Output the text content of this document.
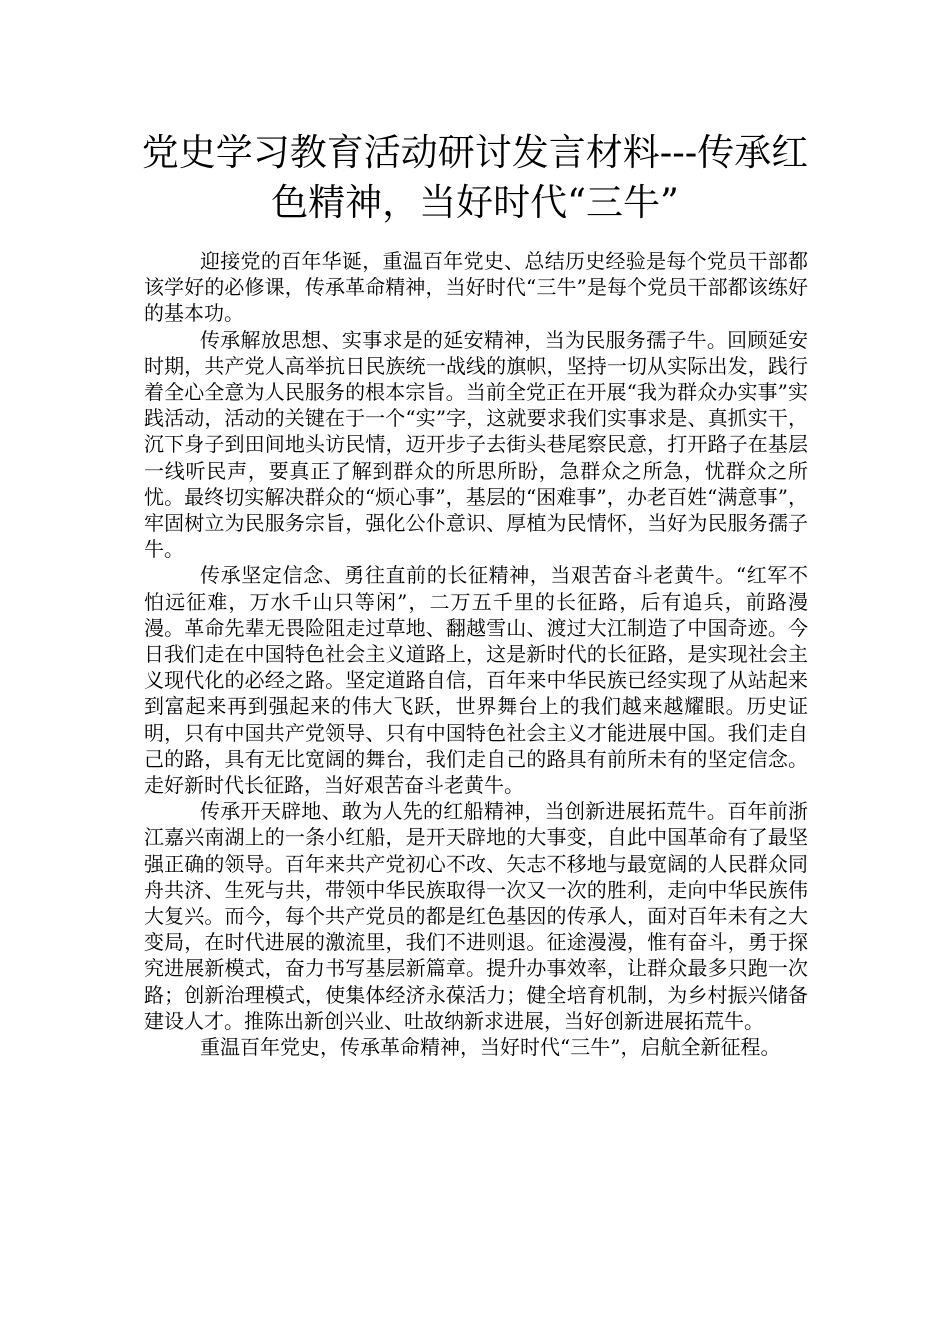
党史学习教育活动研讨发言材料---传承红色精神，当好时代“三牛”

迎接党的百年华诞，重温百年党史、总结历史经验是每个党员干部都该学好的必修课，传承革命精神，当好时代“三牛”是每个党员干部都该练好的基本功。

传承解放思想、实事求是的延安精神，当为民服务孺子牛。回顾延安时期，共产党人高举抗日民族统一战线的旗帜，坚持一切从实际出发，践行着全心全意为人民服务的根本宗旨。当前全党正在开展“我为群众办实事”实践活动，活动的关键在于一个“实”字，这就要求我们实事求是、真抓实干，沉下身子到田间地头访民情，迈开步子去街头巷尾察民意，打开路子在基层一线听民声，要真正了解到群众的所思所盼，急群众之所急，忧群众之所忧。最终切实解决群众的“烦心事”，基层的“困难事”，办老百姓“满意事”，牢固树立为民服务宗旨，强化公仆意识、厚植为民情怀，当好为民服务孺子牛。

传承坚定信念、勇往直前的长征精神，当艰苦奋斗老黄牛。“红军不怕远征难，万水千山只等闲”，二万五千里的长征路，后有追兵，前路漫漫。革命先辈无畏险阻走过草地、翻越雪山、渡过大江制造了中国奇迹。今日我们走在中国特色社会主义道路上，这是新时代的长征路，是实现社会主义现代化的必经之路。坚定道路自信，百年来中华民族已经实现了从站起来到富起来再到强起来的伟大飞跃，世界舞台上的我们越来越耀眼。历史证明，只有中国共产党领导、只有中国特色社会主义才能进展中国。我们走自己的路，具有无比宽阔的舞台，我们走自己的路具有前所未有的坚定信念。走好新时代长征路，当好艰苦奋斗老黄牛。

传承开天辟地、敢为人先的红船精神，当创新进展拓荒牛。百年前浙江嘉兴南湖上的一条小红船，是开天辟地的大事变，自此中国革命有了最坚强正确的领导。百年来共产党初心不改、矢志不移地与最宽阔的人民群众同舟共济、生死与共，带领中华民族取得一次又一次的胜利，走向中华民族伟大复兴。而今，每个共产党员的都是红色基因的传承人，面对百年未有之大变局，在时代进展的激流里，我们不进则退。征途漫漫，惟有奋斗，勇于探究进展新模式，奋力书写基层新篇章。提升办事效率，让群众最多只跑一次路；创新治理模式，使集体经济永葆活力；健全培育机制，为乡村振兴储备建设人才。推陈出新创兴业、吐故纳新求进展，当好创新进展拓荒牛。

重温百年党史，传承革命精神，当好时代“三牛”，启航全新征程。
